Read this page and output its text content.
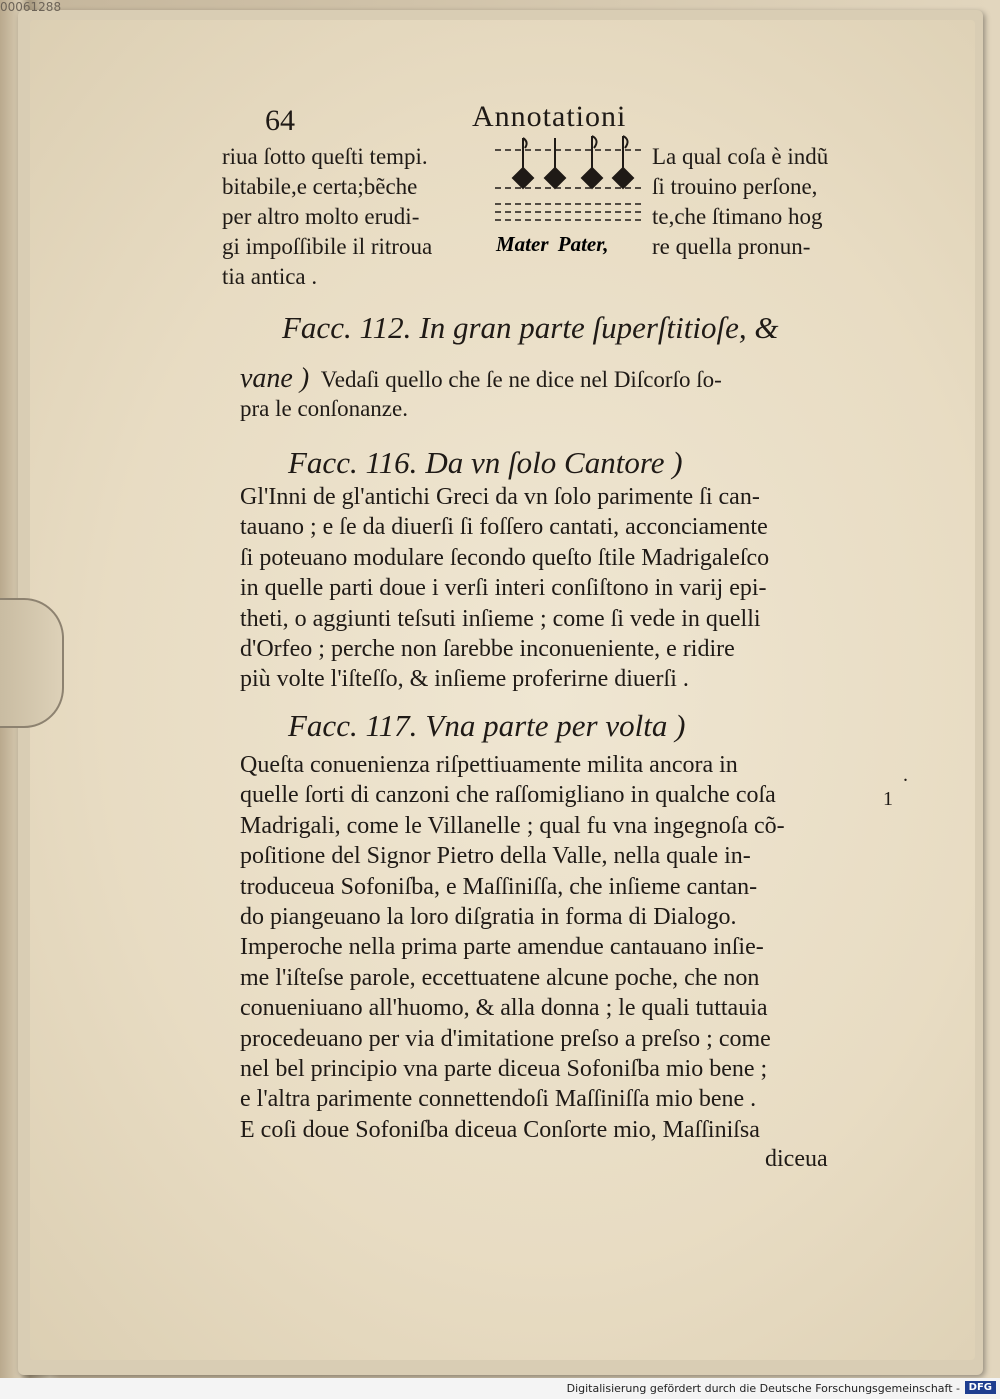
00061288
64	Annotationi
riua ſotto queſti tempi.
bitabile,e certa;bẽche
per altro molto erudi-
gi impoſſibile il ritroua
tia antica .
Mater Pater,
La qual coſa è indũ
ſi trouino perſone,
te,che ſtimano hog
re quella pronun-
Facc. 112. In gran parte ſuperſtitioſe, &
vane ) Vedaſi quello che ſe ne dice nel Diſcorſo ſo-
pra le conſonanze.
Facc. 116. Da vn ſolo Cantore )
Gl'Inni de gl'antichi Greci da vn ſolo parimente ſi can-
tauano ; e ſe da diuerſi ſi foſſero cantati, acconciamente
ſi poteuano modulare ſecondo queſto ſtile Madrigaleſco
in quelle parti doue i verſi interi conſiſtono in varij epi-
theti, o aggiunti teſsuti inſieme ; come ſi vede in quelli
d'Orfeo ; perche non ſarebbe inconueniente, e ridire
più volte l'iſteſſo, & inſieme proferirne diuerſi .
Facc. 117. Vna parte per volta )
Queſta conuenienza riſpettiuamente milita ancora in
quelle ſorti di canzoni che raſſomigliano in qualche coſa
Madrigali, come le Villanelle ; qual fu vna ingegnoſa cõ-
poſitione del Signor Pietro della Valle, nella quale in-
troduceua Sofoniſba, e Maſſiniſſa, che inſieme cantan-
do piangeuano la loro diſgratia in forma di Dialogo.
Imperoche nella prima parte amendue cantauano inſie-
me l'iſteſse parole, eccettuatene alcune poche, che non
conueniuano all'huomo, & alla donna ; le quali tuttauia
procedeuano per via d'imitatione preſso a preſso ; come
nel bel principio vna parte diceua Sofoniſba mio bene ;
e l'altra parimente connettendoſi Maſſiniſſa mio bene .
E coſi doue Sofoniſba diceua Conſorte mio, Maſſiniſsa
.
1
diceua
Digitalisierung gefördert durch die Deutsche Forschungsgemeinschaft - DFG
